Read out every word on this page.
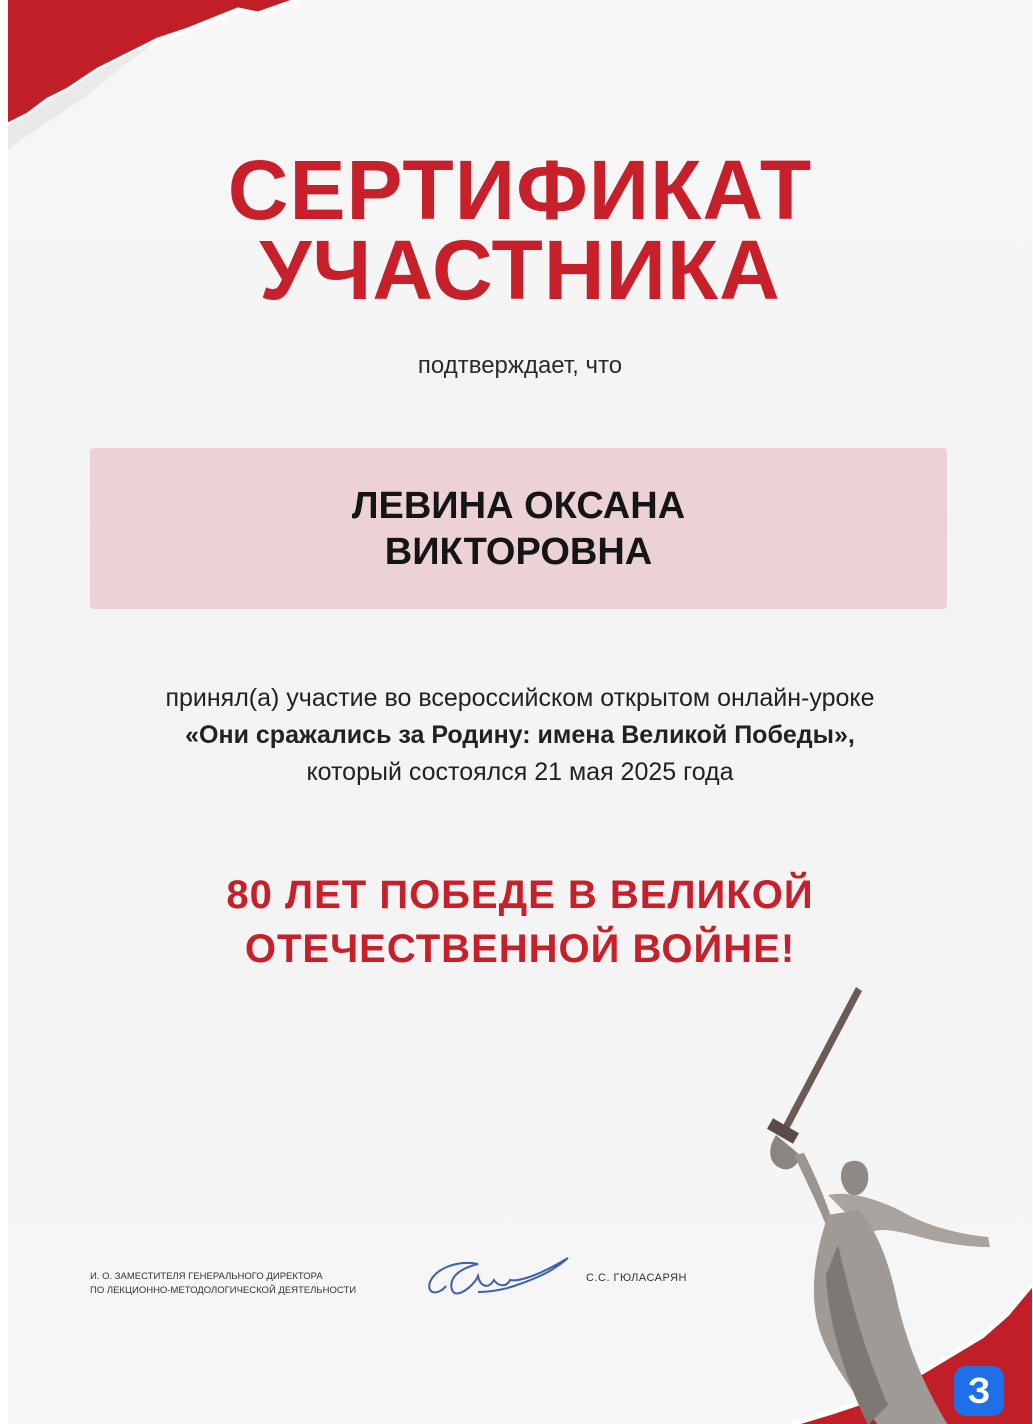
СЕРТИФИКАТ
УЧАСТНИКА
подтверждает, что
ЛЕВИНА ОКСАНА
ВИКТОРОВНА
принял(а) участие во всероссийском открытом онлайн-уроке
«Они сражались за Родину: имена Великой Победы»,
который состоялся 21 мая 2025 года
80 ЛЕТ ПОБЕДЕ В ВЕЛИКОЙ
ОТЕЧЕСТВЕННОЙ ВОЙНЕ!
И. О. ЗАМЕСТИТЕЛЯ ГЕНЕРАЛЬНОГО ДИРЕКТОРА
ПО ЛЕКЦИОННО-МЕТОДОЛОГИЧЕСКОЙ ДЕЯТЕЛЬНОСТИ
С.С. ГЮЛАСАРЯН
З
